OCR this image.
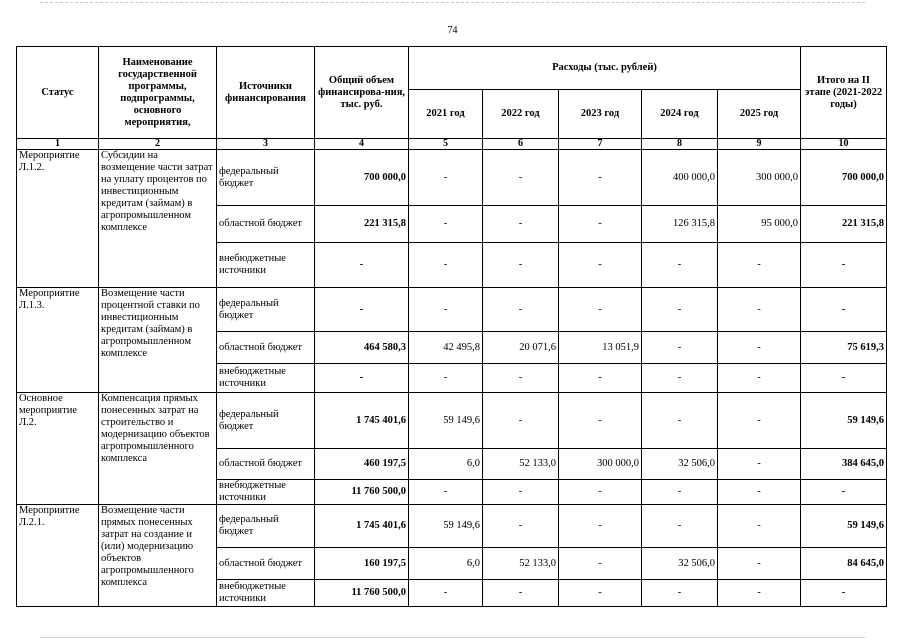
74
Статус	Наименование государственной программы, подпрограммы, основного мероприятия,	Источники финансирования	Общий объем финансирова-ния, тыс. руб.	Расходы (тыс. рублей)					Итого на II этапе (2021-2022 годы)
				2021 год	2022 год	2023 год	2024 год	2025 год	
1	2	3	4	5	6	7	8	9	10
Мероприятие Л.1.2.	Субсидии на возмещение части затрат на уплату процентов по инвестиционным кредитам (займам) в агропромышленном комплексе	федеральный бюджет	700 000,0	-	-	-	400 000,0	300 000,0	700 000,0
		областной бюджет	221 315,8	-	-	-	126 315,8	95 000,0	221 315,8
		внебюджетные источники	-	-	-	-	-	-	-
Мероприятие Л.1.3.	Возмещение части процентной ставки по инвестиционным кредитам (займам) в агропромышленном комплексе	федеральный бюджет	-	-	-	-	-	-	-
		областной бюджет	464 580,3	42 495,8	20 071,6	13 051,9	-	-	75 619,3
		внебюджетные источники	-	-	-	-	-	-	-
Основное мероприятие Л.2.	Компенсация прямых понесенных затрат на строительство и модернизацию объектов агропромышленного комплекса	федеральный бюджет	1 745 401,6	59 149,6	-	-	-	-	59 149,6
		областной бюджет	460 197,5	6,0	52 133,0	300 000,0	32 506,0	-	384 645,0
		внебюджетные источники	11 760 500,0	-	-	-	-	-	-
Мероприятие Л.2.1.	Возмещение части прямых понесенных затрат на создание и (или) модернизацию объектов агропромышленного комплекса	федеральный бюджет	1 745 401,6	59 149,6	-	-	-	-	59 149,6
		областной бюджет	160 197,5	6,0	52 133,0	-	32 506,0	-	84 645,0
		внебюджетные источники	11 760 500,0	-	-	-	-	-	-
